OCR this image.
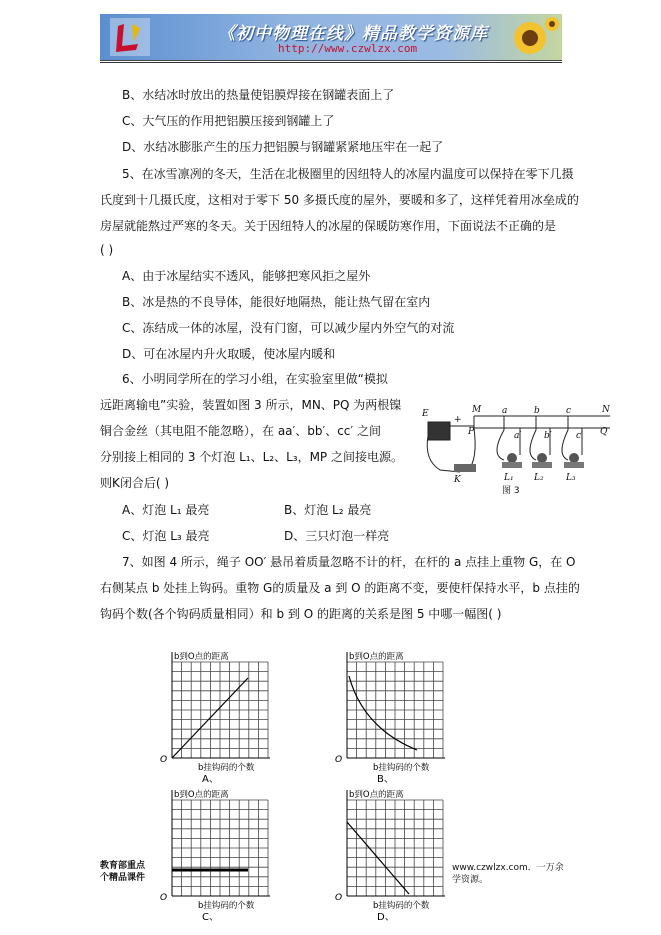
《初中物理在线》精品教学资源库
http://www.czwlzx.com
B、水结冰时放出的热量使铝膜焊接在钢罐表面上了
C、大气压的作用把铝膜压接到钢罐上了
D、水结冰膨胀产生的压力把铝膜与钢罐紧紧地压牢在一起了
5、在冰雪凛冽的冬天，生活在北极圈里的因纽特人的冰屋内温度可以保持在零下几摄
氏度到十几摄氏度，这相对于零下 50 多摄氏度的屋外，要暖和多了，这样凭着用冰垒成的
房屋就能熬过严寒的冬天。关于因纽特人的冰屋的保暖防寒作用，下面说法不正确的是
( )
A、由于冰屋结实不透风，能够把寒风拒之屋外
B、冰是热的不良导体，能很好地隔热，能让热气留在室内
C、冻结成一体的冰屋，没有门窗，可以减少屋内外空气的对流
D、可在冰屋内升火取暖，使冰屋内暖和
6、小明同学所在的学习小组，在实验室里做“模拟
远距离输电”实验，装置如图 3 所示，MN、PQ 为两根镍
铜合金丝（其电阻不能忽略），在 aa′、bb′、cc′ 之间
分别接上相同的 3 个灯泡 L₁、L₂、L₃，MP 之间接电源。
则K闭合后( )
A、灯泡 L₁ 最亮	B、灯泡 L₂ 最亮
C、灯泡 L₃ 最亮	D、三只灯泡一样亮
E
+
M	N
P	Q
a	b	c
a′	b′	c′
L₁ L₂ L₃
K
图 3
7、如图 4 所示，绳子 OO′ 悬吊着质量忽略不计的杆，在杆的 a 点挂上重物 G，在 O
右侧某点 b 处挂上钩码。重物 G的质量及 a 到 O 的距离不变，要使杆保持水平，b 点挂的
钩码个数(各个钩码质量相同）和 b 到 O 的距离的关系是图 5 中哪一幅图( )
b到O点的距离
O
b挂钩码的个数
A、
b到O点的距离
O
b挂钩码的个数
B、
b到O点的距离
O
b挂钩码的个数
C、
b到O点的距离
O
b挂钩码的个数
D、
教育部重点
个精品课件
www.czwlzx.com．一万余
学资源。
